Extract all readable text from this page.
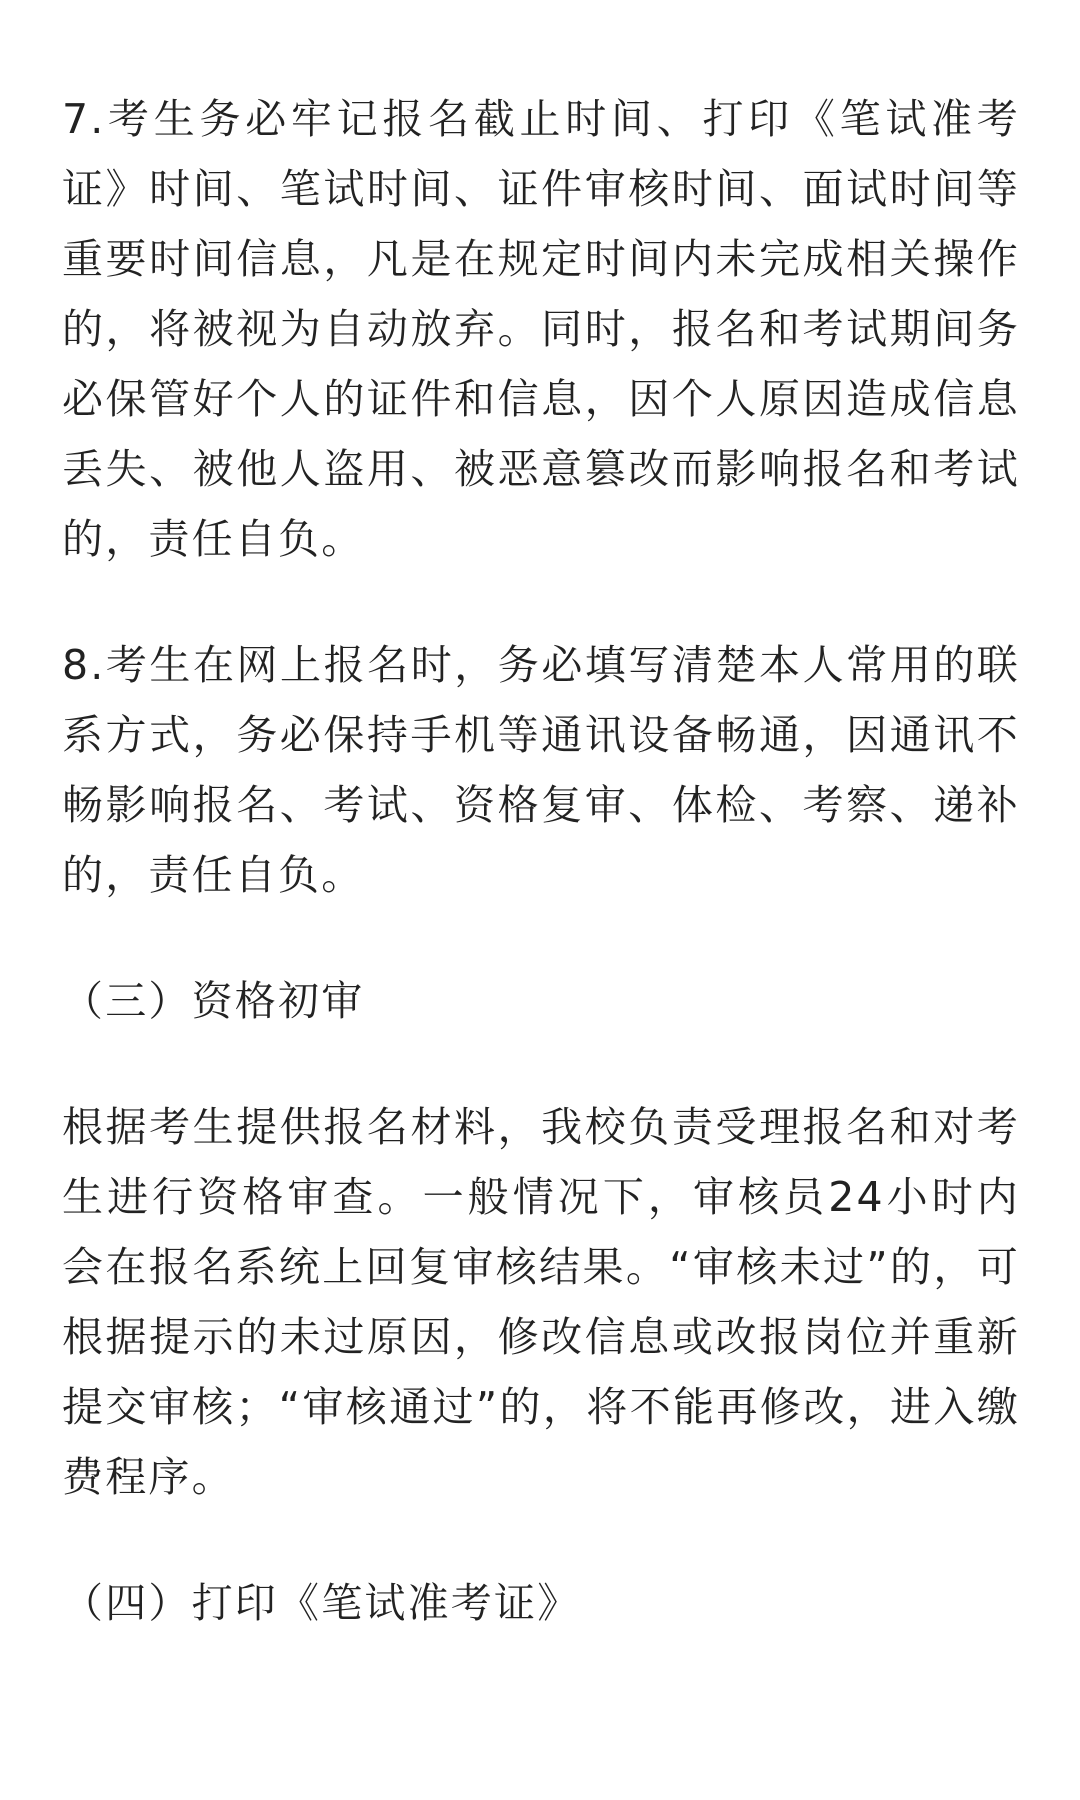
7.考生务必牢记报名截止时间、打印《笔试准考证》时间、笔试时间、证件审核时间、面试时间等重要时间信息，凡是在规定时间内未完成相关操作的，将被视为自动放弃。同时，报名和考试期间务必保管好个人的证件和信息，因个人原因造成信息丢失、被他人盗用、被恶意篡改而影响报名和考试的，责任自负。

8.考生在网上报名时，务必填写清楚本人常用的联系方式，务必保持手机等通讯设备畅通，因通讯不畅影响报名、考试、资格复审、体检、考察、递补的，责任自负。

（三）资格初审

根据考生提供报名材料，我校负责受理报名和对考生进行资格审查。一般情况下，审核员24小时内会在报名系统上回复审核结果。“审核未过”的，可根据提示的未过原因，修改信息或改报岗位并重新提交审核；“审核通过”的，将不能再修改，进入缴费程序。

（四）打印《笔试准考证》
